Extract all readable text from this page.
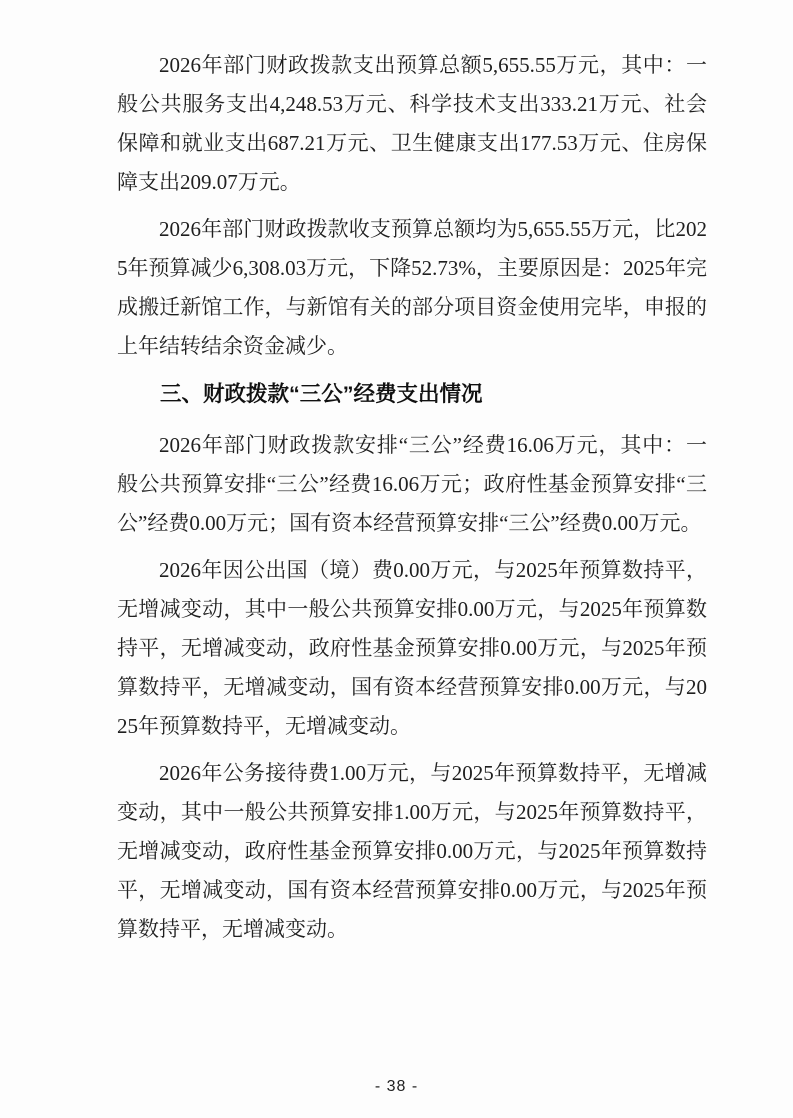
2026年部门财政拨款支出预算总额5,655.55万元，其中：一般公共服务支出4,248.53万元、科学技术支出333.21万元、社会保障和就业支出687.21万元、卫生健康支出177.53万元、住房保障支出209.07万元。

2026年部门财政拨款收支预算总额均为5,655.55万元，比2025年预算减少6,308.03万元，下降52.73%，主要原因是：2025年完成搬迁新馆工作，与新馆有关的部分项目资金使用完毕，申报的上年结转结余资金减少。

三、财政拨款“三公”经费支出情况

2026年部门财政拨款安排“三公”经费16.06万元，其中：一般公共预算安排“三公”经费16.06万元；政府性基金预算安排“三公”经费0.00万元；国有资本经营预算安排“三公”经费0.00万元。

2026年因公出国（境）费0.00万元，与2025年预算数持平，无增减变动，其中一般公共预算安排0.00万元，与2025年预算数持平，无增减变动，政府性基金预算安排0.00万元，与2025年预算数持平，无增减变动，国有资本经营预算安排0.00万元，与2025年预算数持平，无增减变动。

2026年公务接待费1.00万元，与2025年预算数持平，无增减变动，其中一般公共预算安排1.00万元，与2025年预算数持平，无增减变动，政府性基金预算安排0.00万元，与2025年预算数持平，无增减变动，国有资本经营预算安排0.00万元，与2025年预算数持平，无增减变动。

- 38 -
